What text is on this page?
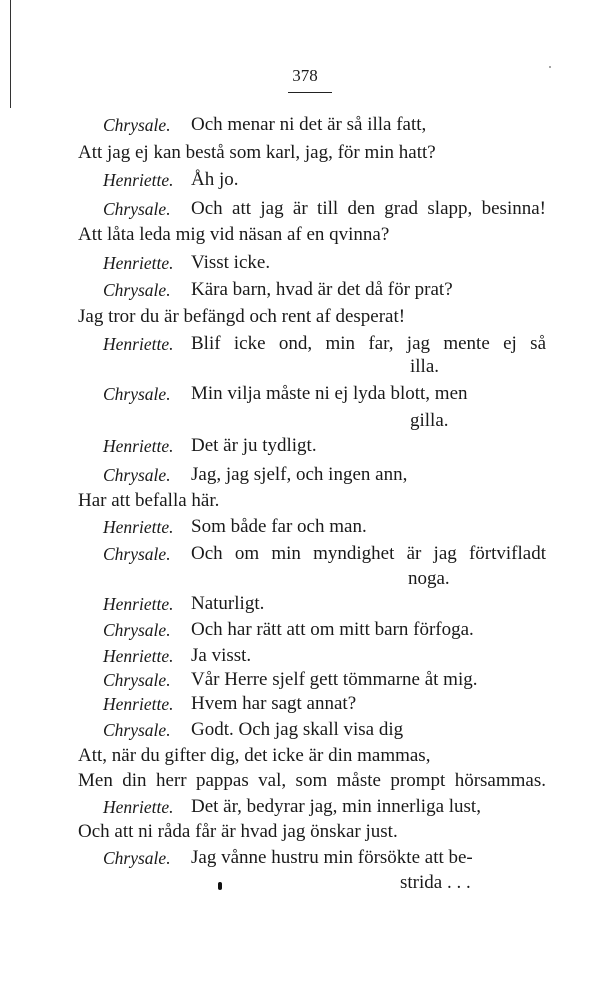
378
Chrysale. Och menar ni det är så illa fatt,
Att jag ej kan bestå som karl, jag, för min hatt?
Henriette. Åh jo.
Chrysale. Och att jag är till den grad slapp, besinna!
Att låta leda mig vid näsan af en qvinna?
Henriette. Visst icke.
Chrysale. Kära barn, hvad är det då för prat?
Jag tror du är befängd och rent af desperat!
Henriette. Blif icke ond, min far, jag mente ej så
illa.
Chrysale. Min vilja måste ni ej lyda blott, men
gilla.
Henriette. Det är ju tydligt.
Chrysale. Jag, jag sjelf, och ingen ann,
Har att befalla här.
Henriette. Som både far och man.
Chrysale. Och om min myndighet är jag förtvifladt
noga.
Henriette. Naturligt.
Chrysale. Och har rätt att om mitt barn förfoga.
Henriette. Ja visst.
Chrysale. Vår Herre sjelf gett tömmarne åt mig.
Henriette. Hvem har sagt annat?
Chrysale. Godt. Och jag skall visa dig
Att, när du gifter dig, det icke är din mammas,
Men din herr pappas val, som måste prompt hörsammas.
Henriette. Det är, bedyrar jag, min innerliga lust,
Och att ni råda får är hvad jag önskar just.
Chrysale. Jag vånne hustru min försökte att be-
strida . . .
